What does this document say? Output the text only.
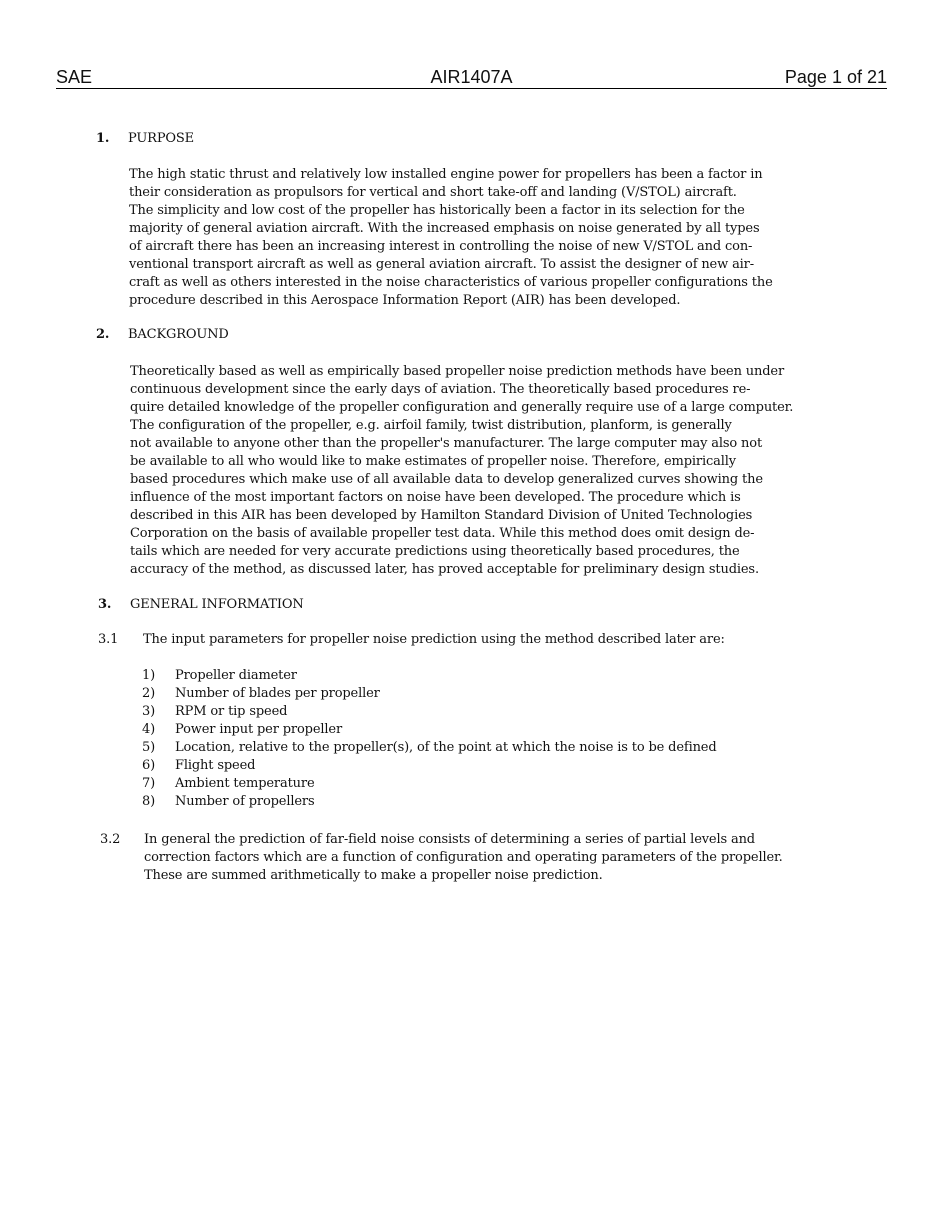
SAE	AIR1407A	Page 1 of 21
1. PURPOSE

The high static thrust and relatively low installed engine power for propellers has been a factor in
their consideration as propulsors for vertical and short take-off and landing (V/STOL) aircraft.
The simplicity and low cost of the propeller has historically been a factor in its selection for the
majority of general aviation aircraft. With the increased emphasis on noise generated by all types
of aircraft there has been an increasing interest in controlling the noise of new V/STOL and con-
ventional transport aircraft as well as general aviation aircraft. To assist the designer of new air-
craft as well as others interested in the noise characteristics of various propeller configurations the
procedure described in this Aerospace Information Report (AIR) has been developed.

2. BACKGROUND

Theoretically based as well as empirically based propeller noise prediction methods have been under
continuous development since the early days of aviation. The theoretically based procedures re-
quire detailed knowledge of the propeller configuration and generally require use of a large computer.
The configuration of the propeller, e.g. airfoil family, twist distribution, planform, is generally
not available to anyone other than the propeller's manufacturer. The large computer may also not
be available to all who would like to make estimates of propeller noise. Therefore, empirically
based procedures which make use of all available data to develop generalized curves showing the
influence of the most important factors on noise have been developed. The procedure which is
described in this AIR has been developed by Hamilton Standard Division of United Technologies
Corporation on the basis of available propeller test data. While this method does omit design de-
tails which are needed for very accurate predictions using theoretically based procedures, the
accuracy of the method, as discussed later, has proved acceptable for preliminary design studies.

3. GENERAL INFORMATION
3.1 The input parameters for propeller noise prediction using the method described later are:
1) Propeller diameter
2) Number of blades per propeller
3) RPM or tip speed
4) Power input per propeller
5) Location, relative to the propeller(s), of the point at which the noise is to be defined
6) Flight speed
7) Ambient temperature
8) Number of propellers
3.2 In general the prediction of far-field noise consists of determining a series of partial levels and
correction factors which are a function of configuration and operating parameters of the propeller.
These are summed arithmetically to make a propeller noise prediction.
